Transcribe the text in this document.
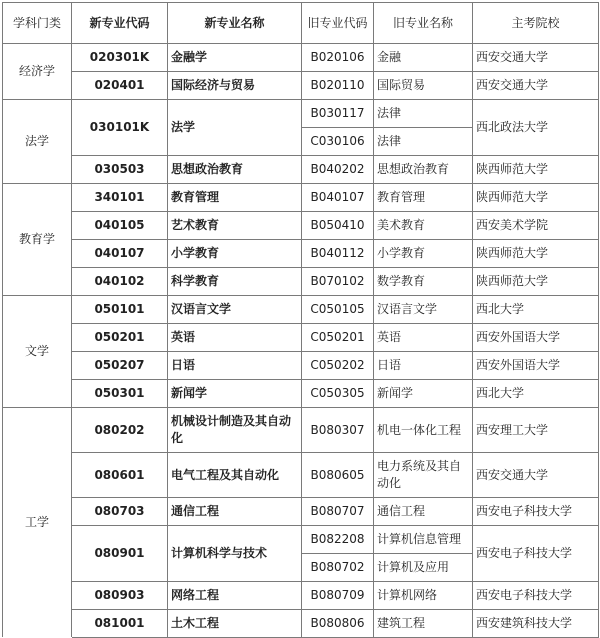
学科门类	新专业代码	新专业名称	旧专业代码	旧专业名称	主考院校
经济学	020301K	金融学	B020106	金融	西安交通大学
	020401	国际经济与贸易	B020110	国际贸易	西安交通大学
法学	030101K	法学	B030117	法律	西北政法大学
			C030106	法律	
	030503	思想政治教育	B040202	思想政治教育	陕西师范大学
教育学	340101	教育管理	B040107	教育管理	陕西师范大学
	040105	艺术教育	B050410	美术教育	西安美术学院
	040107	小学教育	B040112	小学教育	陕西师范大学
	040102	科学教育	B070102	数学教育	陕西师范大学
文学	050101	汉语言文学	C050105	汉语言文学	西北大学
	050201	英语	C050201	英语	西安外国语大学
	050207	日语	C050202	日语	西安外国语大学
	050301	新闻学	C050305	新闻学	西北大学
工学	080202	机械设计制造及其自动化	B080307	机电一体化工程	西安理工大学
	080601	电气工程及其自动化	B080605	电力系统及其自动化	西安交通大学
	080703	通信工程	B080707	通信工程	西安电子科技大学
	080901	计算机科学与技术	B082208	计算机信息管理	西安电子科技大学
			B080702	计算机及应用	
	080903	网络工程	B080709	计算机网络	西安电子科技大学
	081001	土木工程	B080806	建筑工程	西安建筑科技大学
